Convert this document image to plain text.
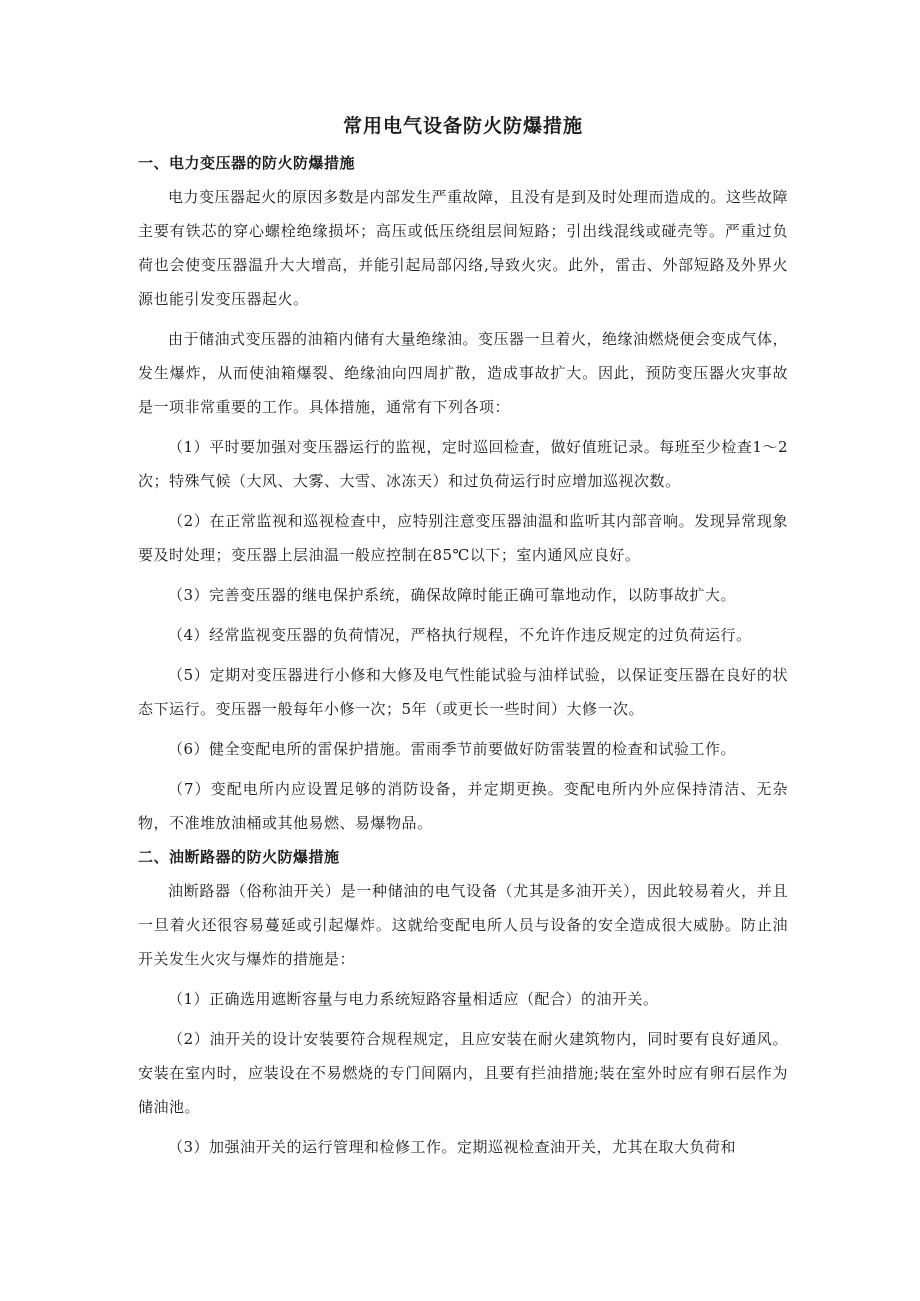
常用电气设备防火防爆措施
一、电力变压器的防火防爆措施

电力变压器起火的原因多数是内部发生严重故障，且没有是到及时处理而造成的。这些故障主要有铁芯的穿心螺栓绝缘损坏；高压或低压绕组层间短路；引出线混线或碰壳等。严重过负荷也会使变压器温升大大增高，并能引起局部闪络,导致火灾。此外，雷击、外部短路及外界火源也能引发变压器起火。

由于储油式变压器的油箱内储有大量绝缘油。变压器一旦着火，绝缘油燃烧便会变成气体，发生爆炸，从而使油箱爆裂、绝缘油向四周扩散，造成事故扩大。因此，预防变压器火灾事故是一项非常重要的工作。具体措施，通常有下列各项：

（1）平时要加强对变压器运行的监视，定时巡回检查，做好值班记录。每班至少检查1～2次；特殊气候（大风、大雾、大雪、冰冻天）和过负荷运行时应增加巡视次数。

（2）在正常监视和巡视检查中，应特别注意变压器油温和监听其内部音响。发现异常现象要及时处理；变压器上层油温一般应控制在85℃以下；室内通风应良好。

（3）完善变压器的继电保护系统，确保故障时能正确可靠地动作，以防事故扩大。

（4）经常监视变压器的负荷情况，严格执行规程，不允许作违反规定的过负荷运行。

（5）定期对变压器进行小修和大修及电气性能试验与油样试验，以保证变压器在良好的状态下运行。变压器一般每年小修一次；5年（或更长一些时间）大修一次。

（6）健全变配电所的雷保护措施。雷雨季节前要做好防雷装置的检查和试验工作。

（7）变配电所内应设置足够的消防设备，并定期更换。变配电所内外应保持清洁、无杂物，不准堆放油桶或其他易燃、易爆物品。

二、油断路器的防火防爆措施

油断路器（俗称油开关）是一种储油的电气设备（尤其是多油开关），因此较易着火，并且一旦着火还很容易蔓延或引起爆炸。这就给变配电所人员与设备的安全造成很大威胁。防止油开关发生火灾与爆炸的措施是：

（1）正确选用遮断容量与电力系统短路容量相适应（配合）的油开关。

（2）油开关的设计安装要符合规程规定，且应安装在耐火建筑物内，同时要有良好通风。安装在室内时，应装设在不易燃烧的专门间隔内，且要有拦油措施;装在室外时应有卵石层作为储油池。

（3）加强油开关的运行管理和检修工作。定期巡视检查油开关，尤其在取大负荷和
